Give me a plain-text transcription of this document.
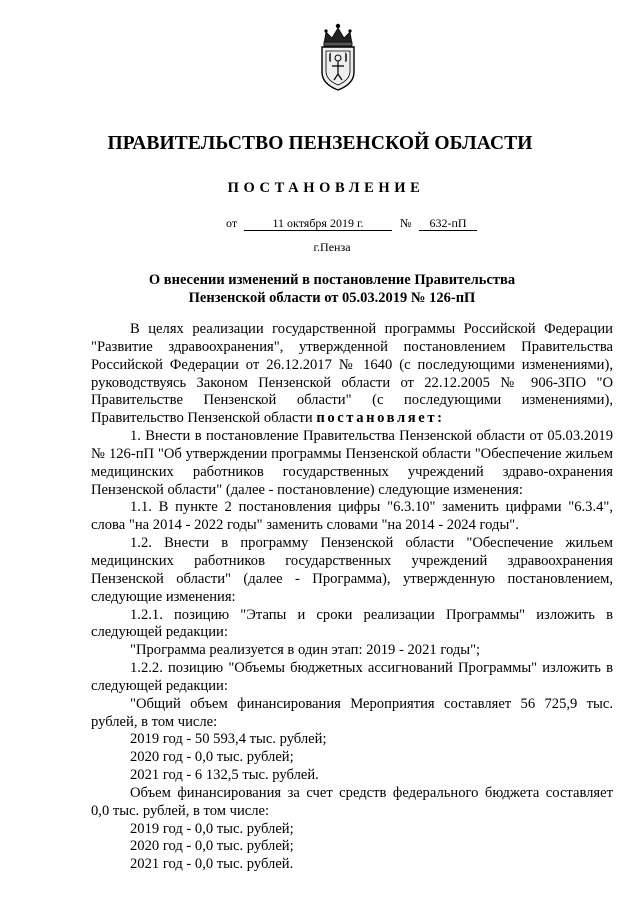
ПРАВИТЕЛЬСТВО ПЕНЗЕНСКОЙ ОБЛАСТИ
ПОСТАНОВЛЕНИЕ
от	11 октября 2019 г.	№	632-пП
г.Пенза
О внесении изменений в постановление Правительства
Пензенской области от 05.03.2019 № 126-пП

В целях реализации государственной программы Российской Федерации "Развитие здравоохранения", утвержденной постановлением Правительства Российской Федерации от 26.12.2017 № 1640 (с последующими изменениями), руководствуясь Законом Пензенской области от 22.12.2005 № 906-ЗПО "О Правительстве Пензенской области" (с последующими изменениями), Правительство Пензенской области постановляет:

1. Внести в постановление Правительства Пензенской области от 05.03.2019 № 126-пП "Об утверждении программы Пензенской области "Обеспечение жильем медицинских работников государственных учреждений здраво-охранения Пензенской области" (далее - постановление) следующие изменения:

1.1. В пункте 2 постановления цифры "6.3.10" заменить цифрами "6.3.4", слова "на 2014 - 2022 годы" заменить словами "на 2014 - 2024 годы".

1.2. Внести в программу Пензенской области "Обеспечение жильем медицинских работников государственных учреждений здравоохранения Пензенской области" (далее - Программа), утвержденную постановлением, следующие изменения:

1.2.1. позицию "Этапы и сроки реализации Программы" изложить в следующей редакции:

"Программа реализуется в один этап: 2019 - 2021 годы";

1.2.2. позицию "Объемы бюджетных ассигнований Программы" изложить в следующей редакции:

"Общий объем финансирования Мероприятия составляет 56 725,9 тыс. рублей, в том числе:

2019 год - 50 593,4 тыс. рублей;

2020 год - 0,0 тыс. рублей;

2021 год - 6 132,5 тыс. рублей.

Объем финансирования за счет средств федерального бюджета составляет 0,0 тыс. рублей, в том числе:

2019 год - 0,0 тыс. рублей;

2020 год - 0,0 тыс. рублей;

2021 год - 0,0 тыс. рублей.
